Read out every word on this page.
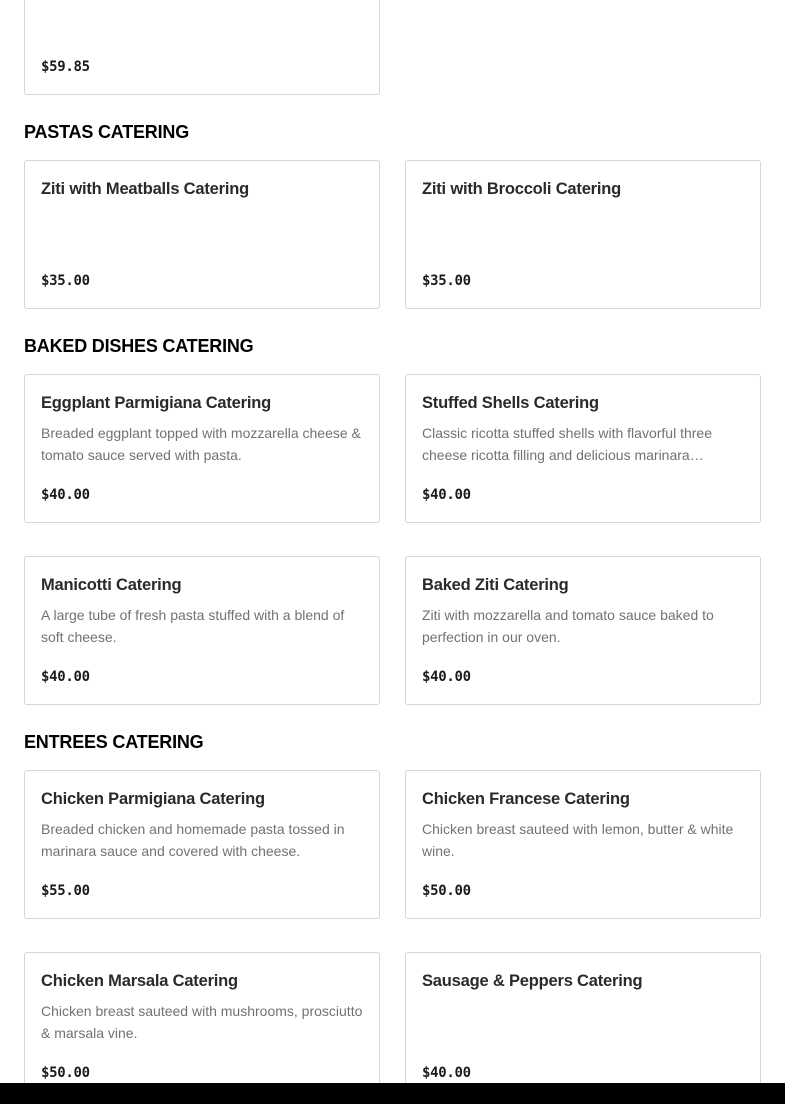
$59.85
PASTAS CATERING
Ziti with Meatballs Catering
$35.00
Ziti with Broccoli Catering
$35.00
BAKED DISHES CATERING
Eggplant Parmigiana Catering
Breaded eggplant topped with mozzarella cheese & tomato sauce served with pasta.
$40.00
Stuffed Shells Catering
Classic ricotta stuffed shells with flavorful three cheese ricotta filling and delicious marinara…
$40.00
Manicotti Catering
A large tube of fresh pasta stuffed with a blend of soft cheese.
$40.00
Baked Ziti Catering
Ziti with mozzarella and tomato sauce baked to perfection in our oven.
$40.00
ENTREES CATERING
Chicken Parmigiana Catering
Breaded chicken and homemade pasta tossed in marinara sauce and covered with cheese.
$55.00
Chicken Francese Catering
Chicken breast sauteed with lemon, butter & white wine.
$50.00
Chicken Marsala Catering
Chicken breast sauteed with mushrooms, prosciutto & marsala vine.
$50.00
Sausage & Peppers Catering
$40.00
